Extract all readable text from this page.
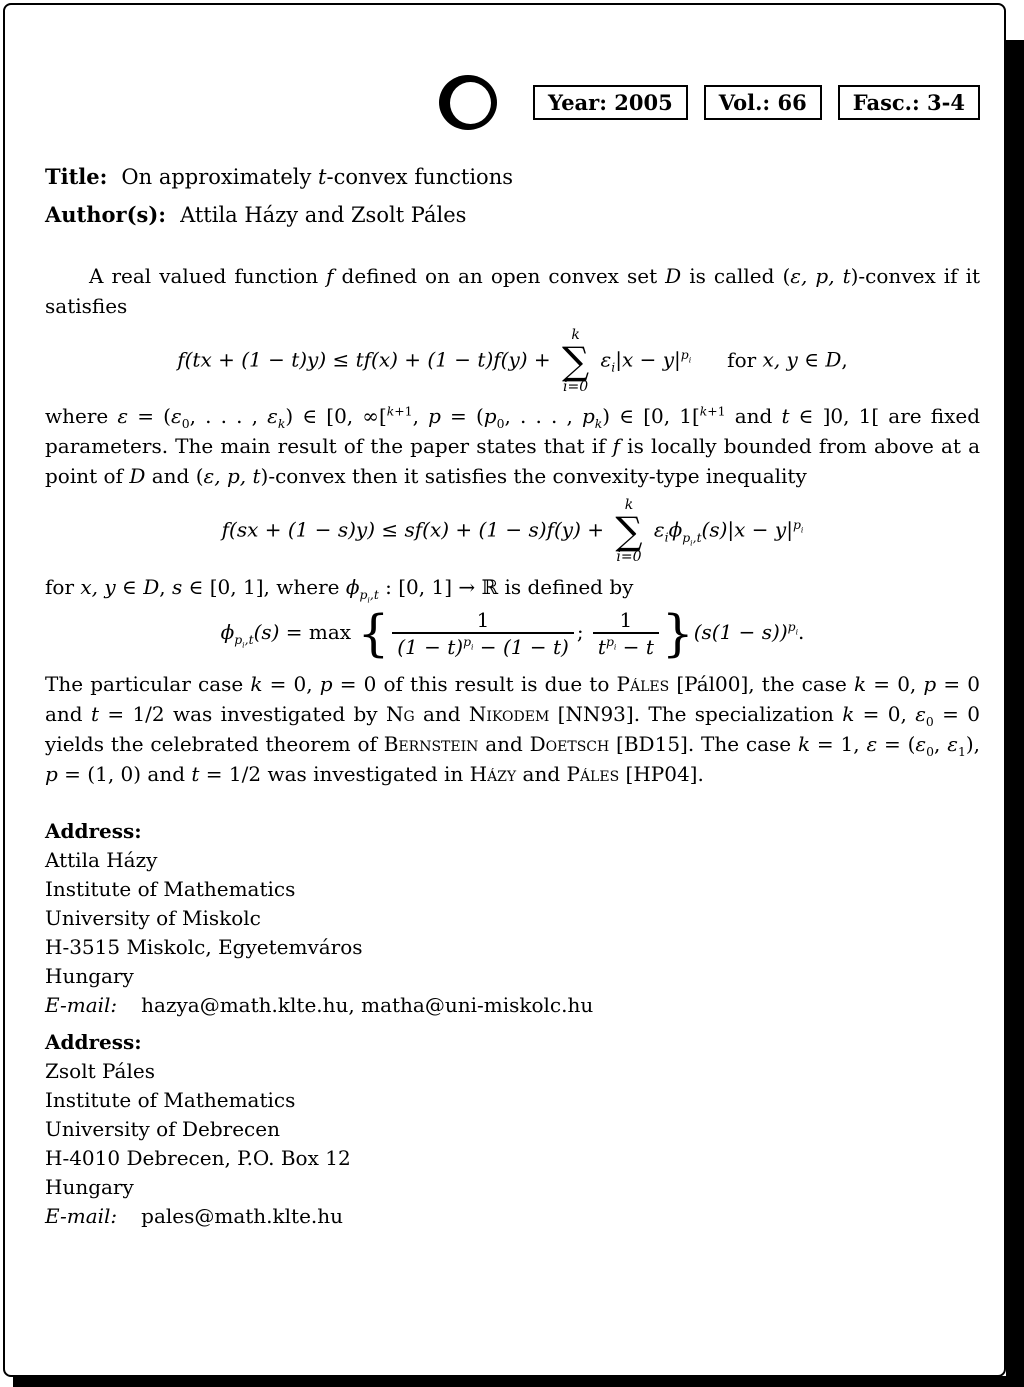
Year: 2005	Vol.: 66	Fasc.: 3-4
Title: On approximately t-convex functions
Author(s): Attila Házy and Zsolt Páles

A real valued function f defined on an open convex set D is called (ε, p, t)-convex if it satisfies

f(tx + (1 − t)y) ≤ tf(x) + (1 − t)f(y) +
k
∑
i=0
$\varepsilon_i|x - y|^{p_i}$ for x, y ∈ D,

where $\varepsilon = (\varepsilon_0$, . . . , $\varepsilon_k$) ∈ [0, ∞[$^{k+1}$, $p = (p_0$, . . . , $p_k$) ∈ [0, 1[$^{k+1}$ and t ∈ ]0, 1[ are fixed parameters. The main result of the paper states that if f is locally bounded from above at a point of D and (ε, p, t)-convex then it satisfies the convexity-type inequality

f(sx + (1 − s)y) ≤ sf(x) + (1 − s)f(y) +
k
∑
i=0
$\varepsilon_i\phi_{p_i,t}(s)|x - y|^{p_i}$

for x, y ∈ D, s ∈ [0, 1], where $\phi_{p_i,t}$ : [0, 1] → ℝ is defined by

$\phi_{p_i,t}(s) = \max$ { $\frac{1}{(1 - t)^{p_i} - (1 - t)}$ ; $\frac{1}{t^{p_i} - t} \}(s(1 - s))^{p_i}$.

The particular case k = 0, p = 0 of this result is due to Páles [Pál00], the case k = 0, p = 0 and t = 1/2 was investigated by Ng and Nikodem [NN93]. The specialization k = 0, $\varepsilon_0 = 0$ yields the celebrated theorem of Bernstein and Doetsch [BD15]. The case k = 1, $\varepsilon = (\varepsilon_0$, $\varepsilon_1$), p = (1, 0) and t = 1/2 was investigated in Házy and Páles [HP04].

Address:
Attila Házy
Institute of Mathematics
University of Miskolc
H-3515 Miskolc, Egyetemváros
Hungary
E-mail: hazya@math.klte.hu, matha@uni-miskolc.hu
Address:
Zsolt Páles
Institute of Mathematics
University of Debrecen
H-4010 Debrecen, P.O. Box 12
Hungary
E-mail: pales@math.klte.hu
